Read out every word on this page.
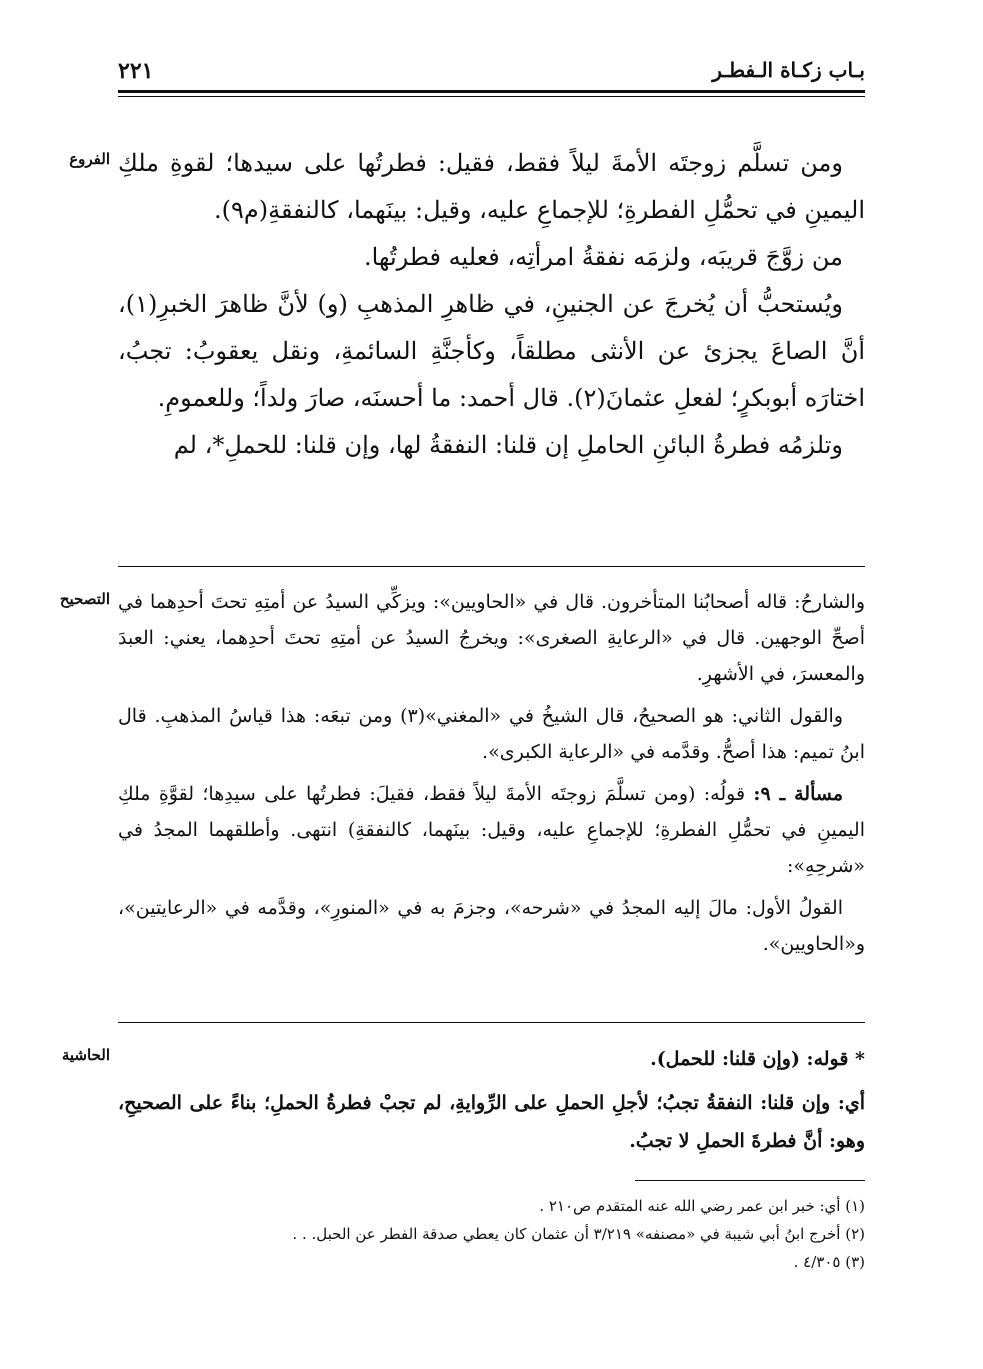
بـاب زكـاة الـفطـر
٢٢١
الفروع ومن تسلَّم زوجتَه الأمةَ ليلاً فقط، فقيل: فطرتُها على سيدها؛ لقوةِ ملكِ اليمينِ في تحمُّلِ الفطرةِ؛ للإجماعِ عليه، وقيل: بينَهما، كالنفقةِ(م٩).

من زوَّجَ قريبَه، ولزمَه نفقةُ امرأتِه، فعليه فطرتُها.

ويُستحبُّ أن يُخرجَ عن الجنينِ، في ظاهرِ المذهبِ (و) لأنَّ ظاهرَ الخبرِ(١)، أنَّ الصاعَ يجزئ عن الأنثى مطلقاً، وكأجنَّةِ السائمةِ، ونقل يعقوبُ: تجبُ، اختارَه أبوبكرٍ؛ لفعلِ عثمانَ(٢). قال أحمد: ما أحسنَه، صارَ ولداً؛ وللعمومِ.

وتلزمُه فطرةُ البائنِ الحاملِ إن قلنا: النفقةُ لها، وإن قلنا: للحملِ*، لم

التصحيح والشارحُ: قاله أصحابُنا المتأخرون. قال في «الحاويين»: ويزكِّي السيدُ عن أمتِهِ تحتَ أحدِهما في أصحِّ الوجهين. قال في «الرعايةِ الصغرى»: ويخرجُ السيدُ عن أمتِهِ تحتَ أحدِهما، يعني: العبدَ والمعسرَ، في الأشهرِ.

والقول الثاني: هو الصحيحُ، قال الشيخُ في «المغني»(٣) ومن تبعَه: هذا قياسُ المذهبِ. قال ابنُ تميم: هذا أصحُّ. وقدَّمه في «الرعاية الكبرى».

مسألة ـ ٩: قولُه: (ومن تسلَّمَ زوجتَه الأمةَ ليلاً فقط، فقيلَ: فطرتُها على سيدِها؛ لقوَّةِ ملكِ اليمينِ في تحمُّلِ الفطرةِ؛ للإجماعِ عليه، وقيل: بينَهما، كالنفقةِ) انتهى. وأطلقهما المجدُ في «شرحِهِ»:

القولُ الأول: مالَ إليه المجدُ في «شرحه»، وجزمَ به في «المنورِ»، وقدَّمه في «الرعايتين»، و«الحاويين».

الحاشية	* قوله: (وإن قلنا: للحمل).

أي: وإن قلنا: النفقةُ تجبُ؛ لأجلِ الحملِ على الرِّوايةِ، لم تجبْ فطرةُ الحملِ؛ بناءً على الصحيحِ، وهو: أنَّ فطرةَ الحملِ لا تجبُ.

(١) أي: خبر ابن عمر رضي الله عنه المتقدم ص٢١٠ .

(٢) أخرج ابنُ أبي شيبة في «مصنفه» ٣/٢١٩ أن عثمان كان يعطي صدقة الفطر عن الحبل. . .

(٣) ٤/٣٠٥ .
